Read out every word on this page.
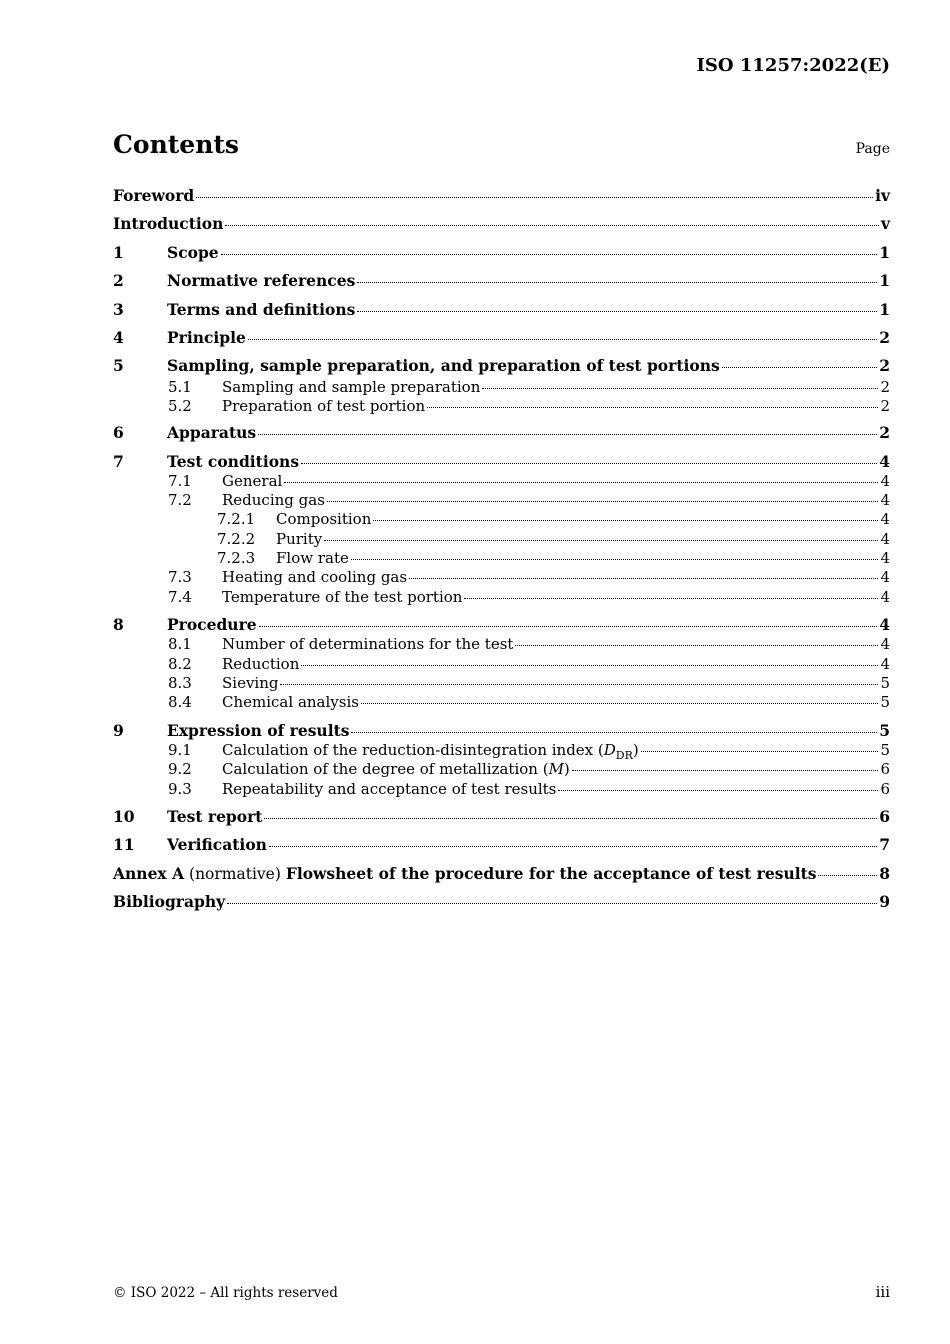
ISO 11257:2022(E)
Contents	Page
Foreword	iv
Introduction	v
1	Scope	1
2	Normative references	1
3	Terms and definitions	1
4	Principle	2
5	Sampling, sample preparation, and preparation of test portions	2
5.1	Sampling and sample preparation	2
5.2	Preparation of test portion	2
6	Apparatus	2
7	Test conditions	4
7.1	General	4
7.2	Reducing gas	4
7.2.1	Composition	4
7.2.2	Purity	4
7.2.3	Flow rate	4
7.3	Heating and cooling gas	4
7.4	Temperature of the test portion	4
8	Procedure	4
8.1	Number of determinations for the test	4
8.2	Reduction	4
8.3	Sieving	5
8.4	Chemical analysis	5
9	Expression of results	5
9.1	Calculation of the reduction-disintegration index $(D_{DR})$	5
9.2	Calculation of the degree of metallization (M)	6
9.3	Repeatability and acceptance of test results	6
10	Test report	6
11	Verification	7
Annex A (normative) Flowsheet of the procedure for the acceptance of test results	8
Bibliography	9
© ISO 2022 – All rights reserved	iii
